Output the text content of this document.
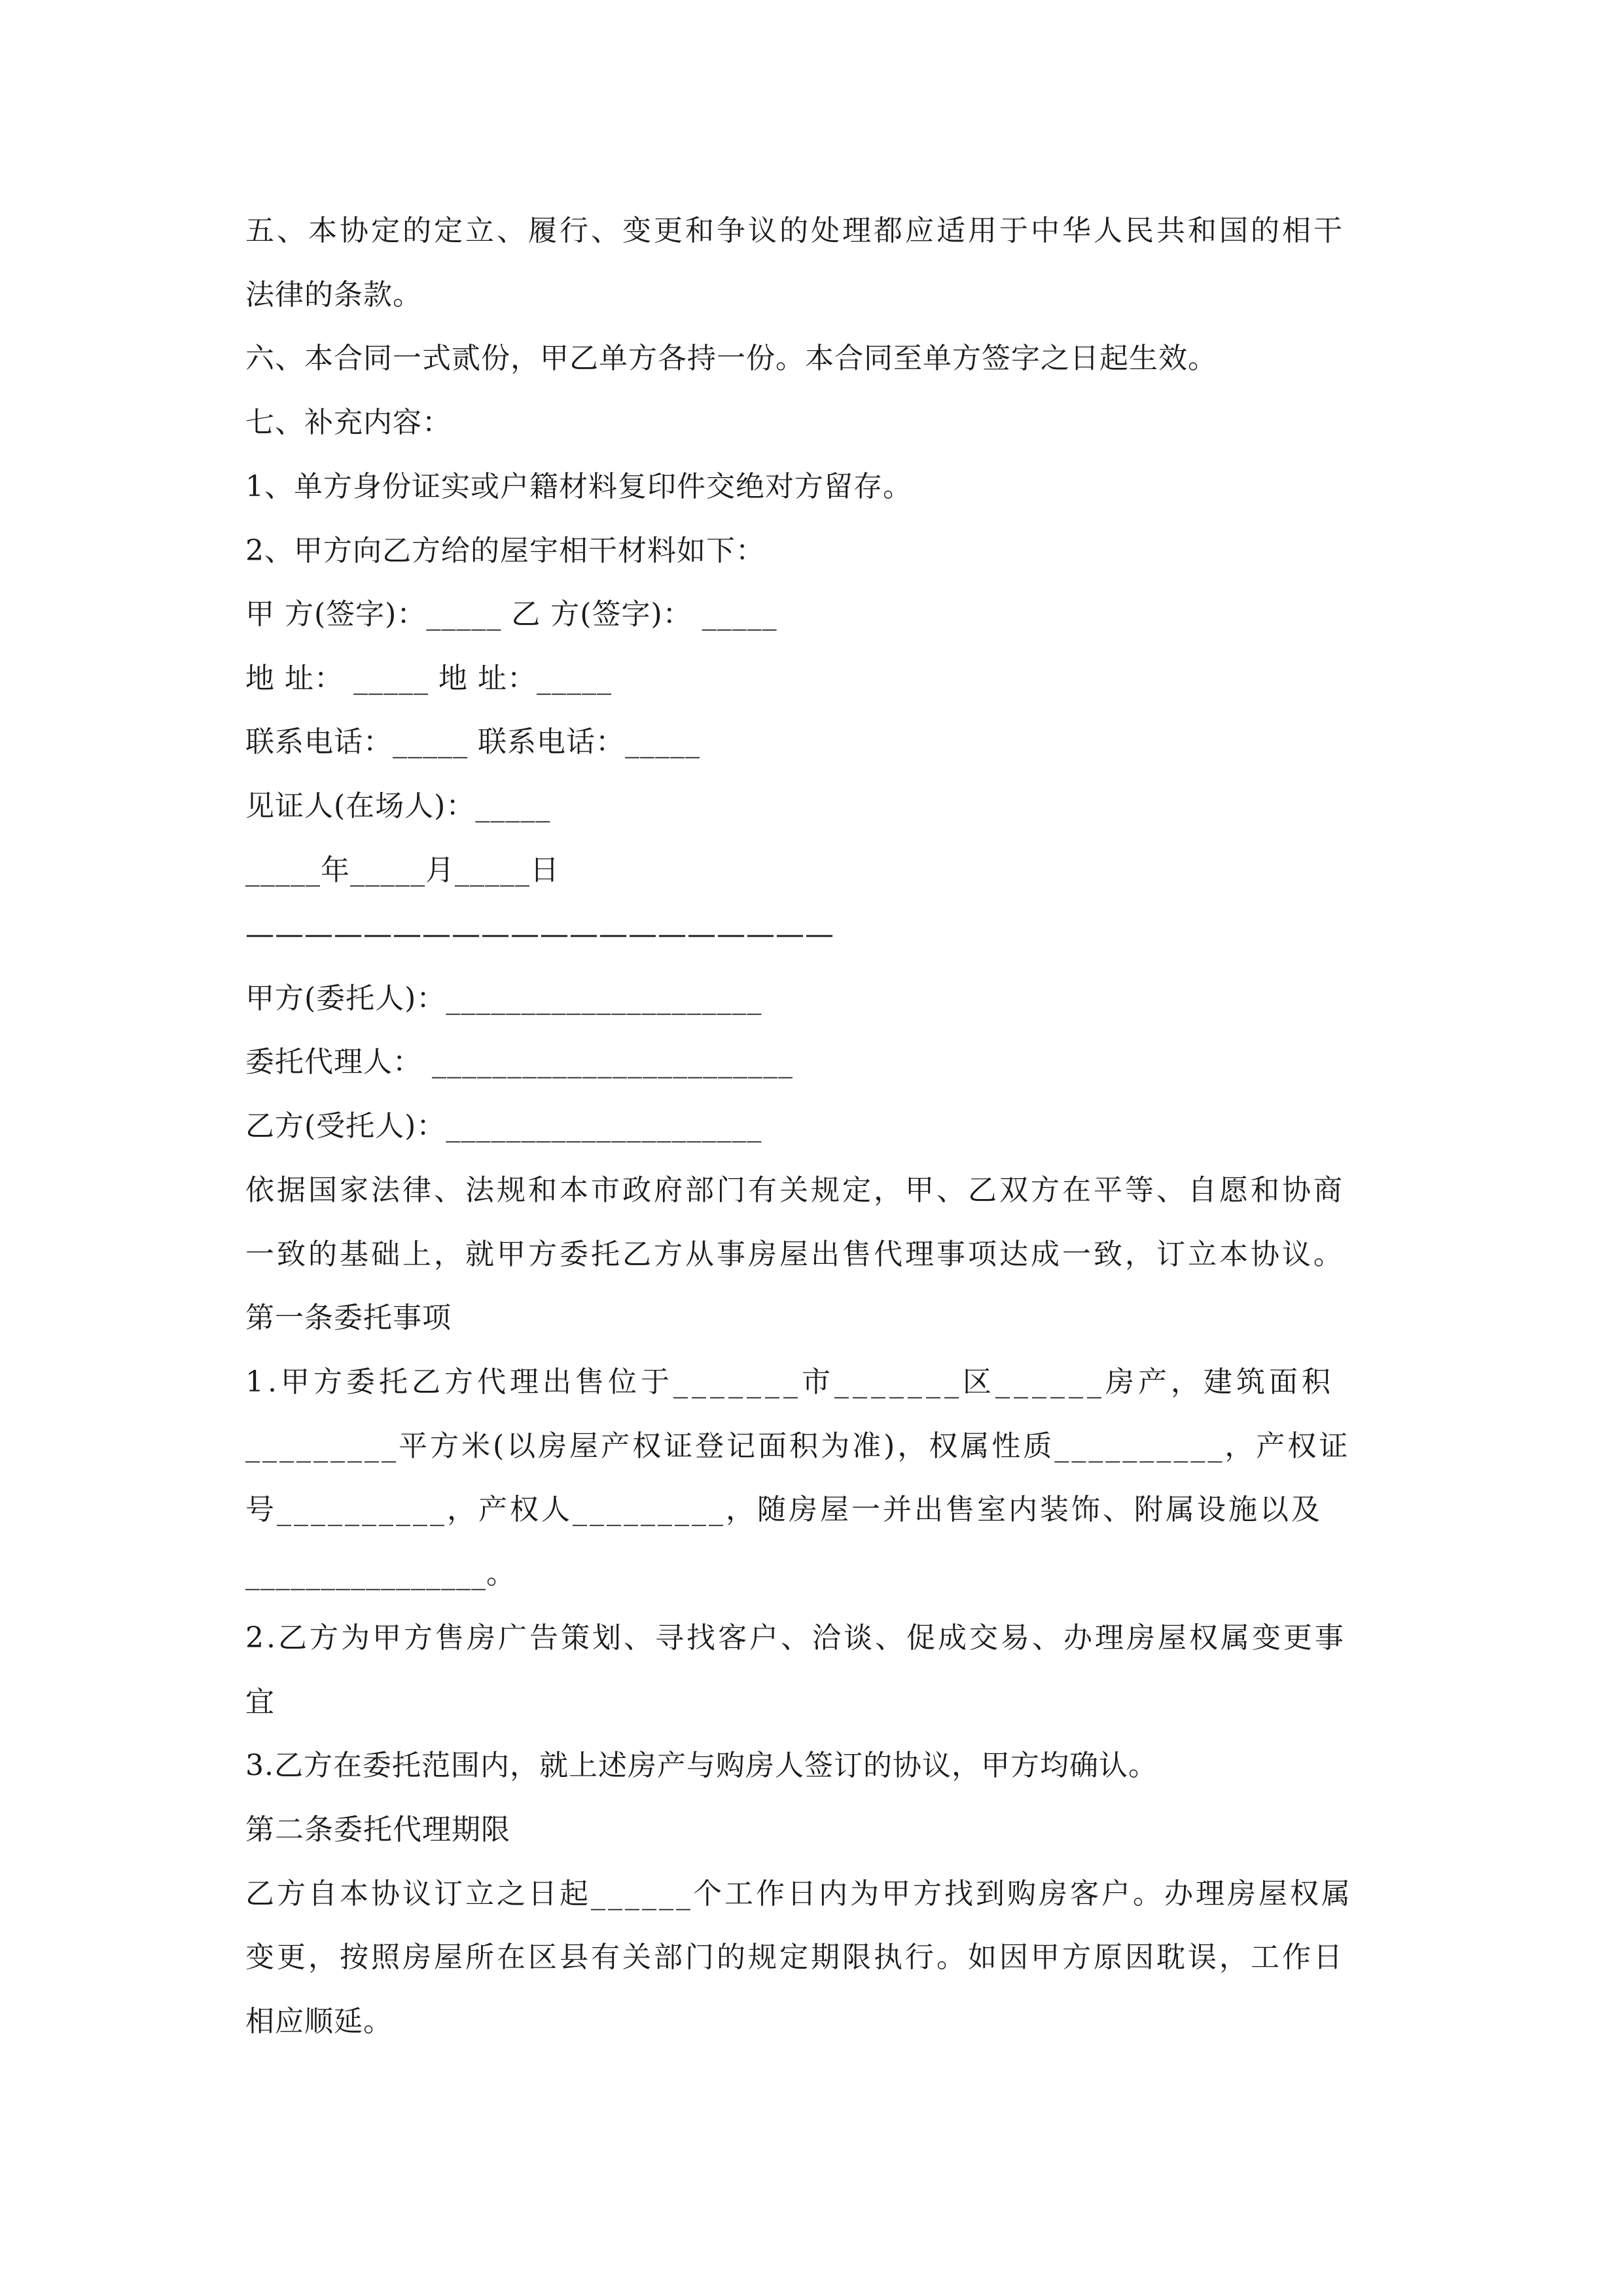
五、本协定的定立、履行、变更和争议的处理都应适用于中华人民共和国的相干
法律的条款。
六、本合同一式贰份，甲乙单方各持一份。本合同至单方签字之日起生效。
七、补充内容：
1、单方身份证实或户籍材料复印件交绝对方留存。
2、甲方向乙方给的屋宇相干材料如下：
甲 方(签字)：_____ 乙 方(签字)： _____
地 址： _____ 地 址：_____
联系电话：_____ 联系电话：_____
见证人(在场人)：_____
_____年_____月_____日
————————————————————
甲方(委托人)：_____________________
委托代理人： ________________________
乙方(受托人)：_____________________
依据国家法律、法规和本市政府部门有关规定，甲、乙双方在平等、自愿和协商
一致的基础上，就甲方委托乙方从事房屋出售代理事项达成一致，订立本协议。
第一条委托事项
1.甲方委托乙方代理出售位于_______市_______区______房产，建筑面积
_________平方米(以房屋产权证登记面积为准)，权属性质__________，产权证
号__________，产权人_________，随房屋一并出售室内装饰、附属设施以及
________________。
2.乙方为甲方售房广告策划、寻找客户、洽谈、促成交易、办理房屋权属变更事
宜
3.乙方在委托范围内，就上述房产与购房人签订的协议，甲方均确认。
第二条委托代理期限
乙方自本协议订立之日起______个工作日内为甲方找到购房客户。办理房屋权属
变更，按照房屋所在区县有关部门的规定期限执行。如因甲方原因耽误，工作日
相应顺延。
